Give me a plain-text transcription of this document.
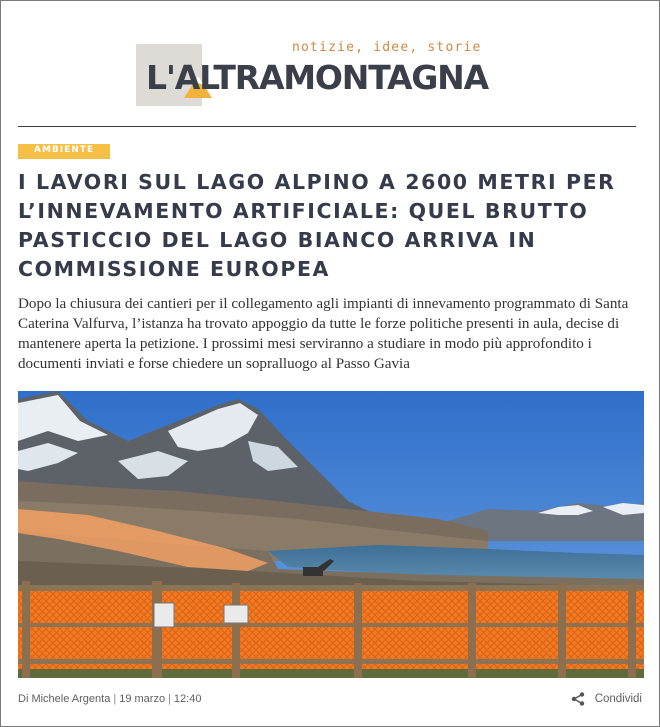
notizie, idee, storie
L'ALTRAMONTAGNA
AMBIENTE
I LAVORI SUL LAGO ALPINO A 2600 METRI PER L’INNEVAMENTO ARTIFICIALE: QUEL BRUTTO PASTICCIO DEL LAGO BIANCO ARRIVA IN COMMISSIONE EUROPEA

Dopo la chiusura dei cantieri per il collegamento agli impianti di innevamento programmato di Santa Caterina Valfurva, l’istanza ha trovato appoggio da tutte le forze politiche presenti in aula, decise di mantenere aperta la petizione. I prossimi mesi serviranno a studiare in modo più approfondito i documenti inviati e forse chiedere un sopralluogo al Passo Gavia

Di Michele Argenta | 19 marzo | 12:40	Condividi
